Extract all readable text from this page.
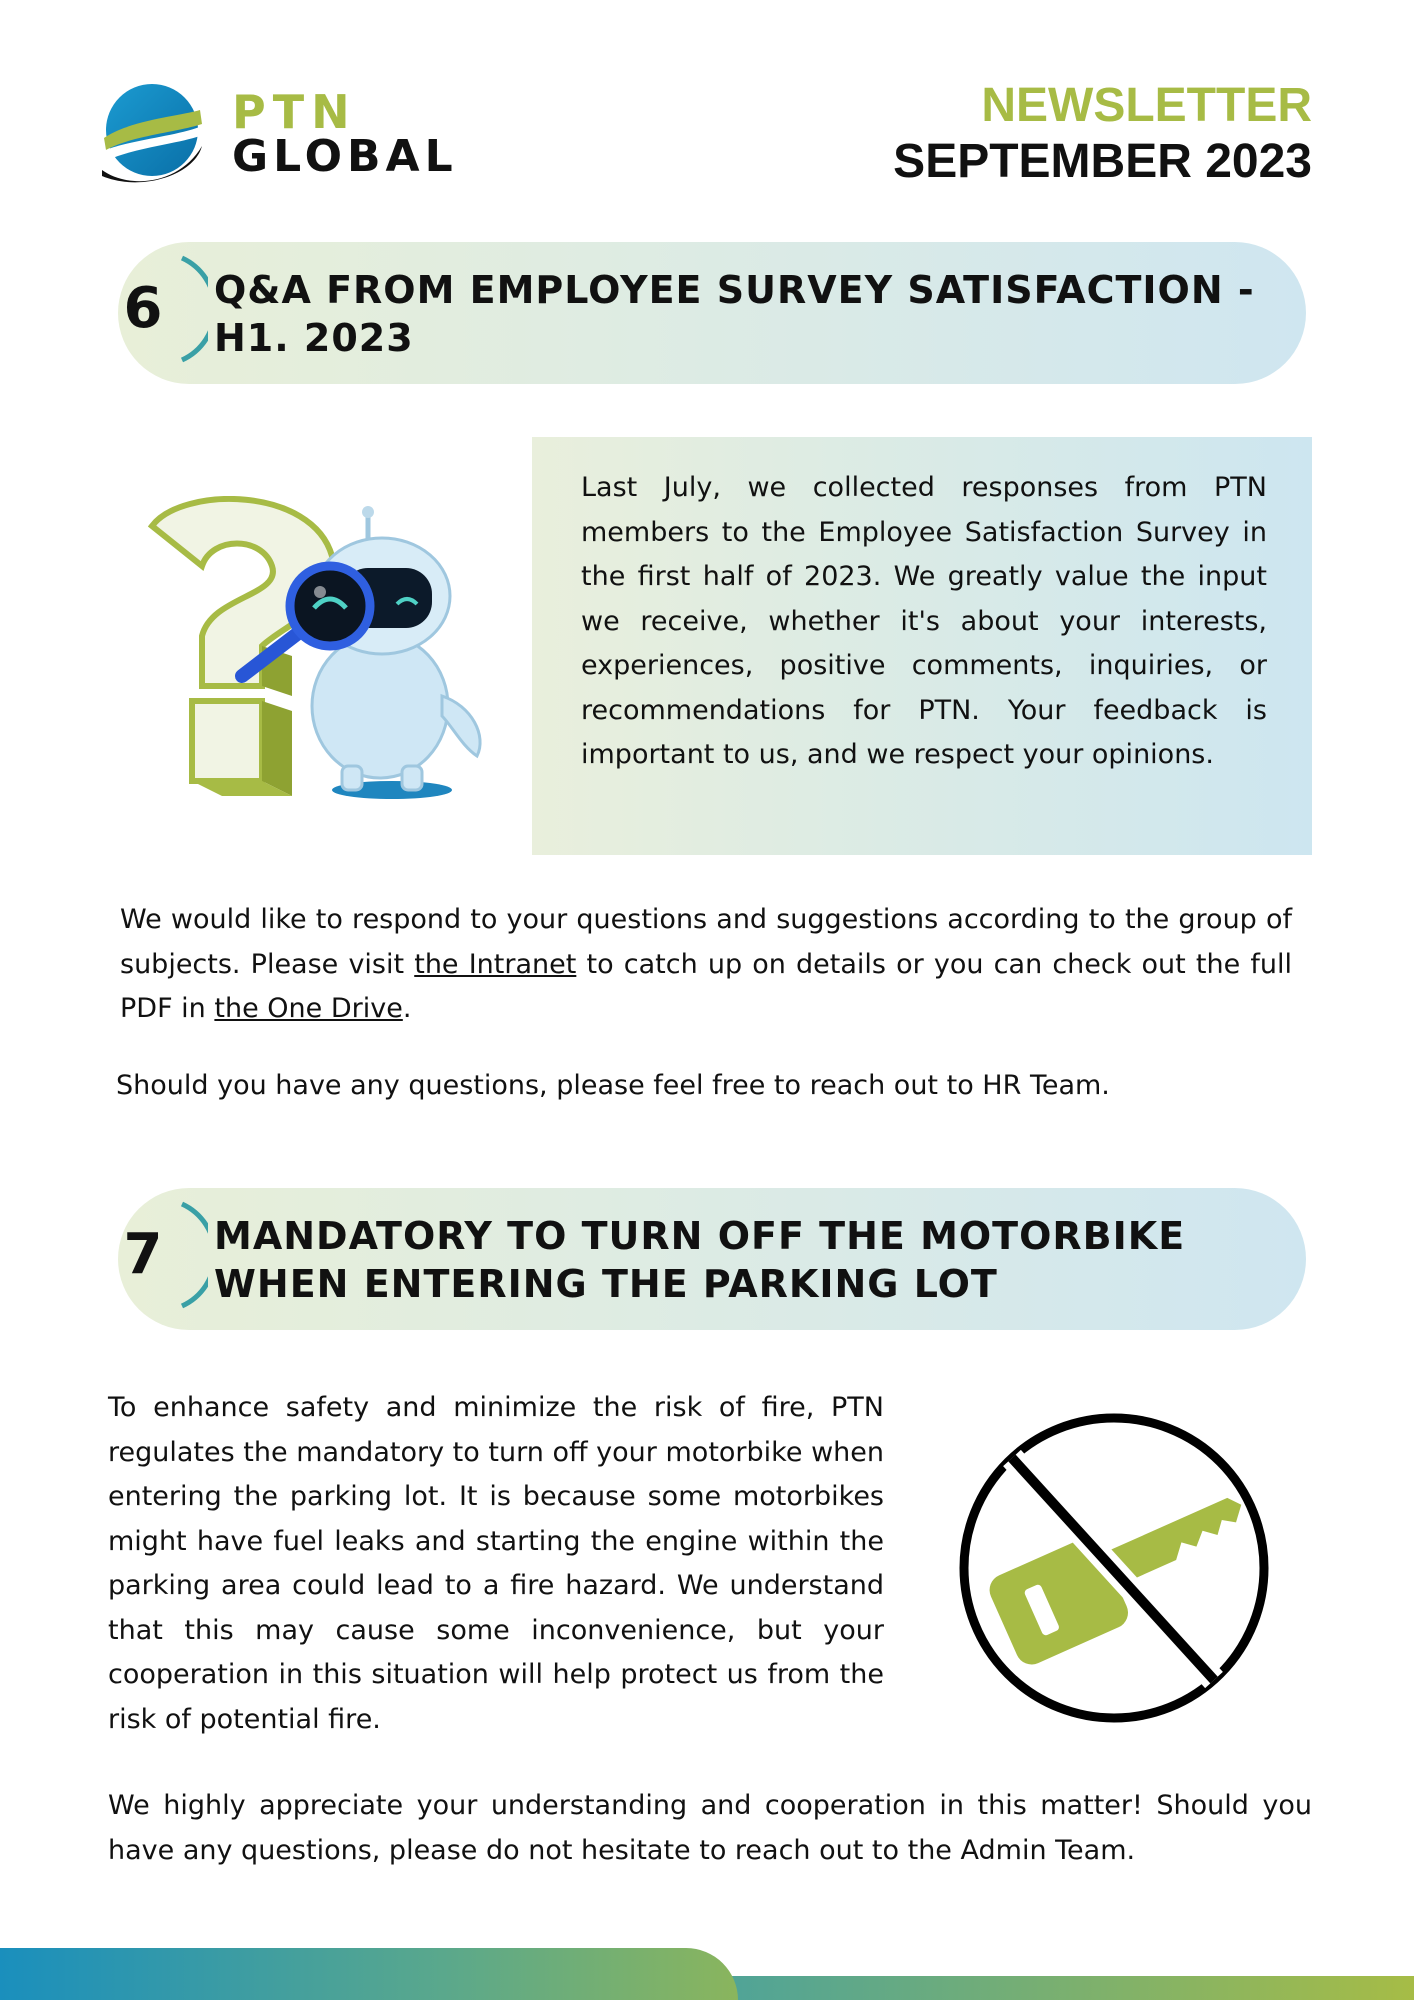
PTN
GLOBAL
NEWSLETTER
SEPTEMBER 2023
6	Q&A FROM EMPLOYEE SURVEY SATISFACTION -
H1. 2023
Last July, we collected responses from PTN members to the Employee Satisfaction Survey in the first half of 2023. We greatly value the input we receive, whether it's about your interests, experiences, positive comments, inquiries, or recommendations for PTN. Your feedback is important to us, and we respect your opinions.
We would like to respond to your questions and suggestions according to the group of subjects. Please visit the Intranet to catch up on details or you can check out the full PDF in the One Drive.
Should you have any questions, please feel free to reach out to HR Team.
7	MANDATORY TO TURN OFF THE MOTORBIKE
WHEN ENTERING THE PARKING LOT
To enhance safety and minimize the risk of fire, PTN regulates the mandatory to turn off your motorbike when entering the parking lot. It is because some motorbikes might have fuel leaks and starting the engine within the parking area could lead to a fire hazard. We understand that this may cause some inconvenience, but your cooperation in this situation will help protect us from the risk of potential fire.
We highly appreciate your understanding and cooperation in this matter! Should you have any questions, please do not hesitate to reach out to the Admin Team.
